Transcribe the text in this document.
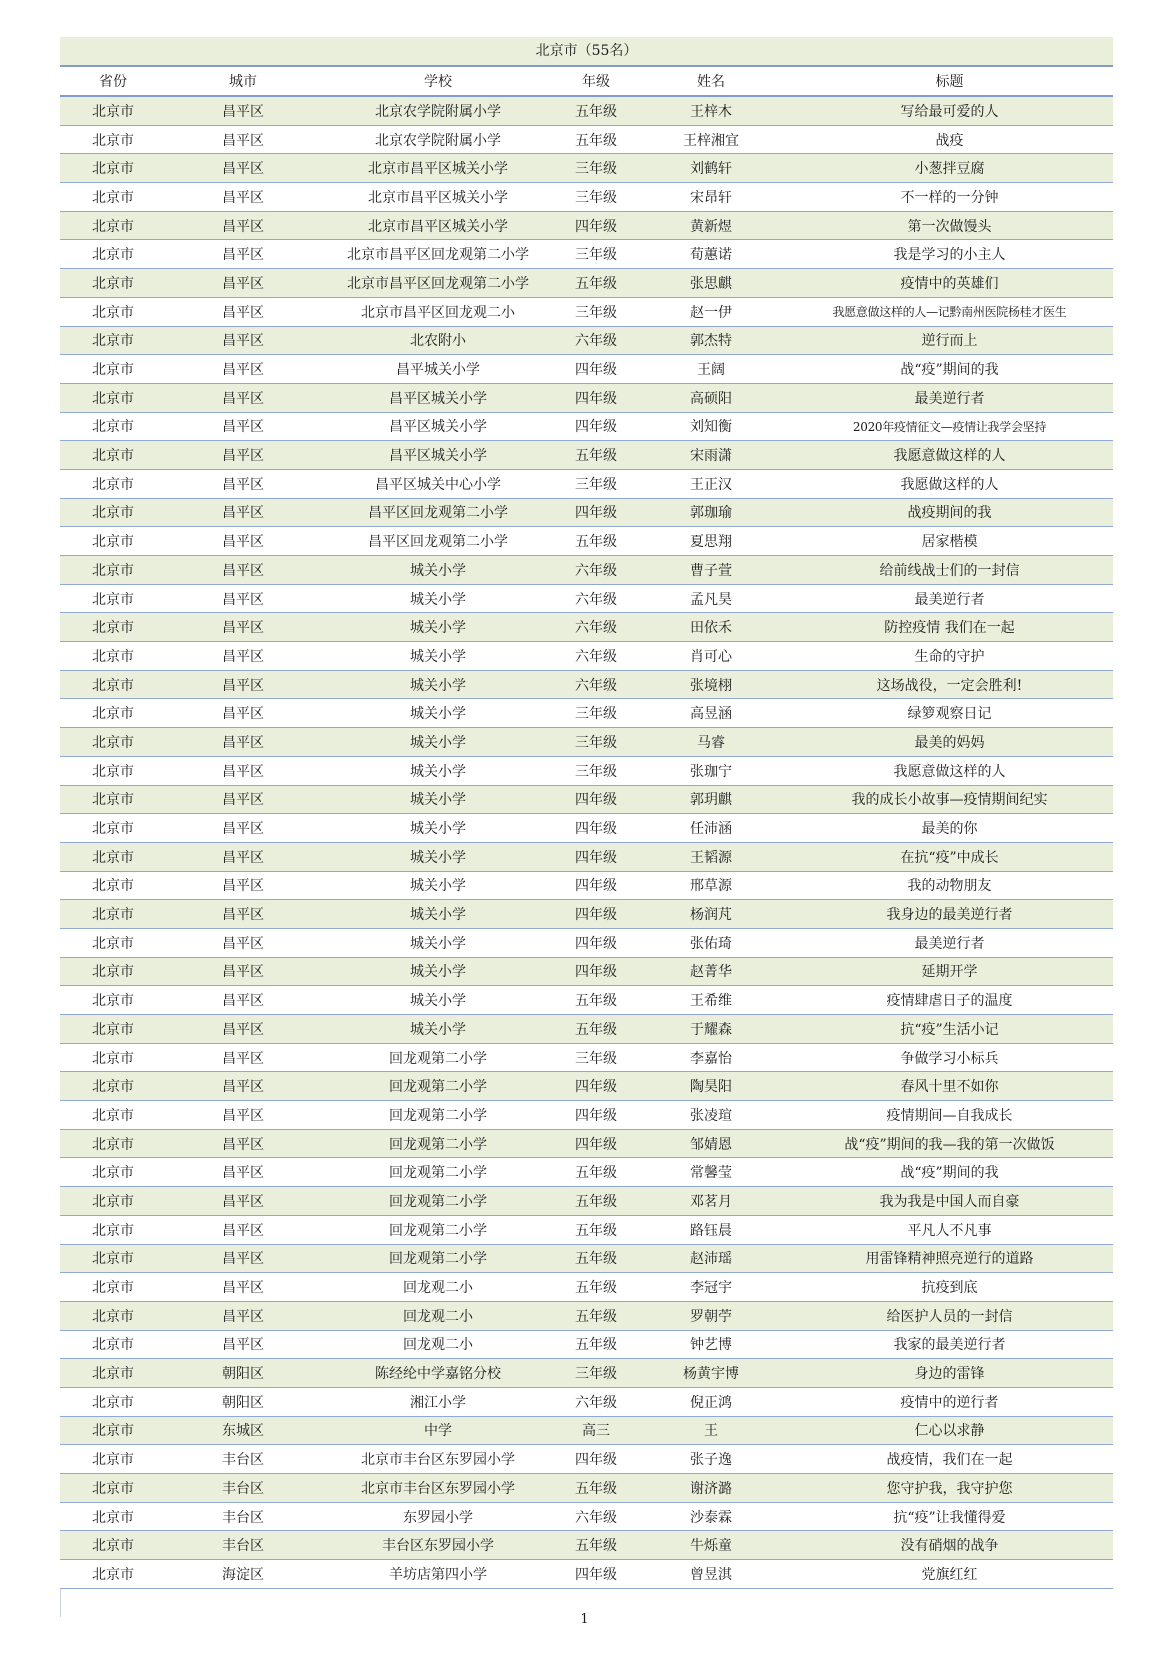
北京市（55名）
省份	城市	学校	年级	姓名	标题
北京市	昌平区	北京农学院附属小学	五年级	王梓木	写给最可爱的人
北京市	昌平区	北京农学院附属小学	五年级	王梓湘宜	战疫
北京市	昌平区	北京市昌平区城关小学	三年级	刘鹤轩	小葱拌豆腐
北京市	昌平区	北京市昌平区城关小学	三年级	宋昂轩	不一样的一分钟
北京市	昌平区	北京市昌平区城关小学	四年级	黄新煜	第一次做馒头
北京市	昌平区	北京市昌平区回龙观第二小学	三年级	荀蕙诺	我是学习的小主人
北京市	昌平区	北京市昌平区回龙观第二小学	五年级	张思麒	疫情中的英雄们
北京市	昌平区	北京市昌平区回龙观二小	三年级	赵一伊	我愿意做这样的人—记黔南州医院杨桂才医生
北京市	昌平区	北农附小	六年级	郭杰特	逆行而上
北京市	昌平区	昌平城关小学	四年级	王阔	战“疫”期间的我
北京市	昌平区	昌平区城关小学	四年级	高硕阳	最美逆行者
北京市	昌平区	昌平区城关小学	四年级	刘知衡	2020年疫情征文—疫情让我学会坚持
北京市	昌平区	昌平区城关小学	五年级	宋雨潇	我愿意做这样的人
北京市	昌平区	昌平区城关中心小学	三年级	王正汉	我愿做这样的人
北京市	昌平区	昌平区回龙观第二小学	四年级	郭珈瑜	战疫期间的我
北京市	昌平区	昌平区回龙观第二小学	五年级	夏思翔	居家楷模
北京市	昌平区	城关小学	六年级	曹子萱	给前线战士们的一封信
北京市	昌平区	城关小学	六年级	孟凡昊	最美逆行者
北京市	昌平区	城关小学	六年级	田依禾	防控疫情 我们在一起
北京市	昌平区	城关小学	六年级	肖可心	生命的守护
北京市	昌平区	城关小学	六年级	张境栩	这场战役，一定会胜利!
北京市	昌平区	城关小学	三年级	高昱涵	绿箩观察日记
北京市	昌平区	城关小学	三年级	马睿	最美的妈妈
北京市	昌平区	城关小学	三年级	张珈宁	我愿意做这样的人
北京市	昌平区	城关小学	四年级	郭玥麒	我的成长小故事—疫情期间纪实
北京市	昌平区	城关小学	四年级	任沛涵	最美的你
北京市	昌平区	城关小学	四年级	王韬源	在抗“疫”中成长
北京市	昌平区	城关小学	四年级	邢草源	我的动物朋友
北京市	昌平区	城关小学	四年级	杨润芃	我身边的最美逆行者
北京市	昌平区	城关小学	四年级	张佑琦	最美逆行者
北京市	昌平区	城关小学	四年级	赵菁华	延期开学
北京市	昌平区	城关小学	五年级	王希维	疫情肆虐日子的温度
北京市	昌平区	城关小学	五年级	于耀森	抗“疫”生活小记
北京市	昌平区	回龙观第二小学	三年级	李嘉怡	争做学习小标兵
北京市	昌平区	回龙观第二小学	四年级	陶昊阳	春风十里不如你
北京市	昌平区	回龙观第二小学	四年级	张凌瑄	疫情期间—自我成长
北京市	昌平区	回龙观第二小学	四年级	邹婧恩	战“疫”期间的我—我的第一次做饭
北京市	昌平区	回龙观第二小学	五年级	常馨莹	战“疫”期间的我
北京市	昌平区	回龙观第二小学	五年级	邓茗月	我为我是中国人而自豪
北京市	昌平区	回龙观第二小学	五年级	路钰晨	平凡人不凡事
北京市	昌平区	回龙观第二小学	五年级	赵沛瑶	用雷锋精神照亮逆行的道路
北京市	昌平区	回龙观二小	五年级	李冠宇	抗疫到底
北京市	昌平区	回龙观二小	五年级	罗朝苧	给医护人员的一封信
北京市	昌平区	回龙观二小	五年级	钟艺博	我家的最美逆行者
北京市	朝阳区	陈经纶中学嘉铭分校	三年级	杨黄宇博	身边的雷锋
北京市	朝阳区	湘江小学	六年级	倪正鸿	疫情中的逆行者
北京市	东城区	中学	高三	王	仁心以求静
北京市	丰台区	北京市丰台区东罗园小学	四年级	张子逸	战疫情，我们在一起
北京市	丰台区	北京市丰台区东罗园小学	五年级	谢济潞	您守护我，我守护您
北京市	丰台区	东罗园小学	六年级	沙泰霖	抗“疫”让我懂得爱
北京市	丰台区	丰台区东罗园小学	五年级	牛烁童	没有硝烟的战争
北京市	海淀区	羊坊店第四小学	四年级	曾昱淇	党旗红红
1
